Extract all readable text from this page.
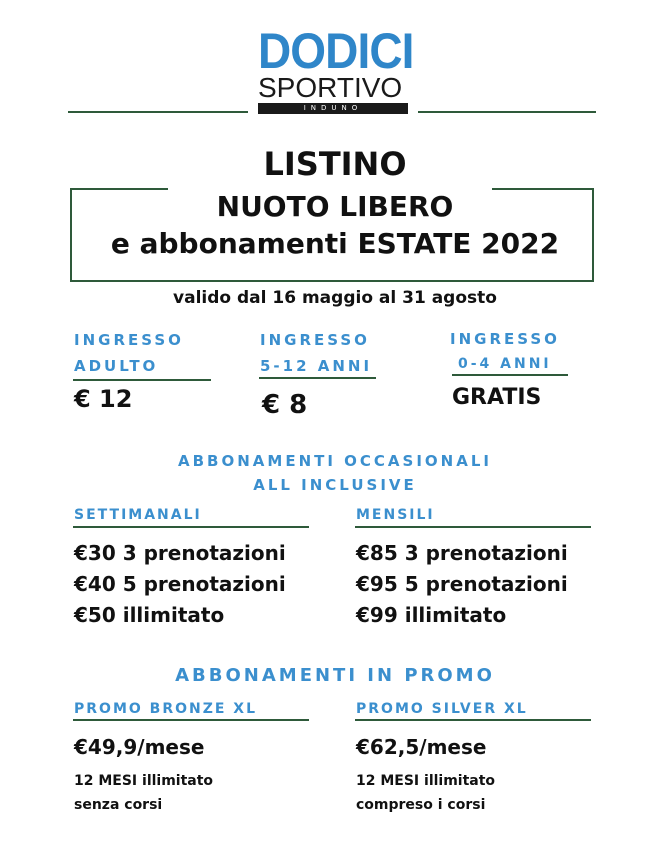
DODICI
SPORTIVO
INDUNO
LISTINO
NUOTO LIBERO
e abbonamenti ESTATE 2022
valido dal 16 maggio al 31 agosto
INGRESSO
ADULTO
€ 12
INGRESSO
5-12 ANNI
€ 8
INGRESSO
0-4 ANNI
GRATIS
ABBONAMENTI OCCASIONALI
ALL INCLUSIVE
SETTIMANALI
€30 3 prenotazioni
€40 5 prenotazioni
€50 illimitato
MENSILI
€85 3 prenotazioni
€95 5 prenotazioni
€99 illimitato
ABBONAMENTI IN PROMO
PROMO BRONZE XL
€49,9/mese
12 MESI illimitato
senza corsi
PROMO SILVER XL
€62,5/mese
12 MESI illimitato
compreso i corsi
